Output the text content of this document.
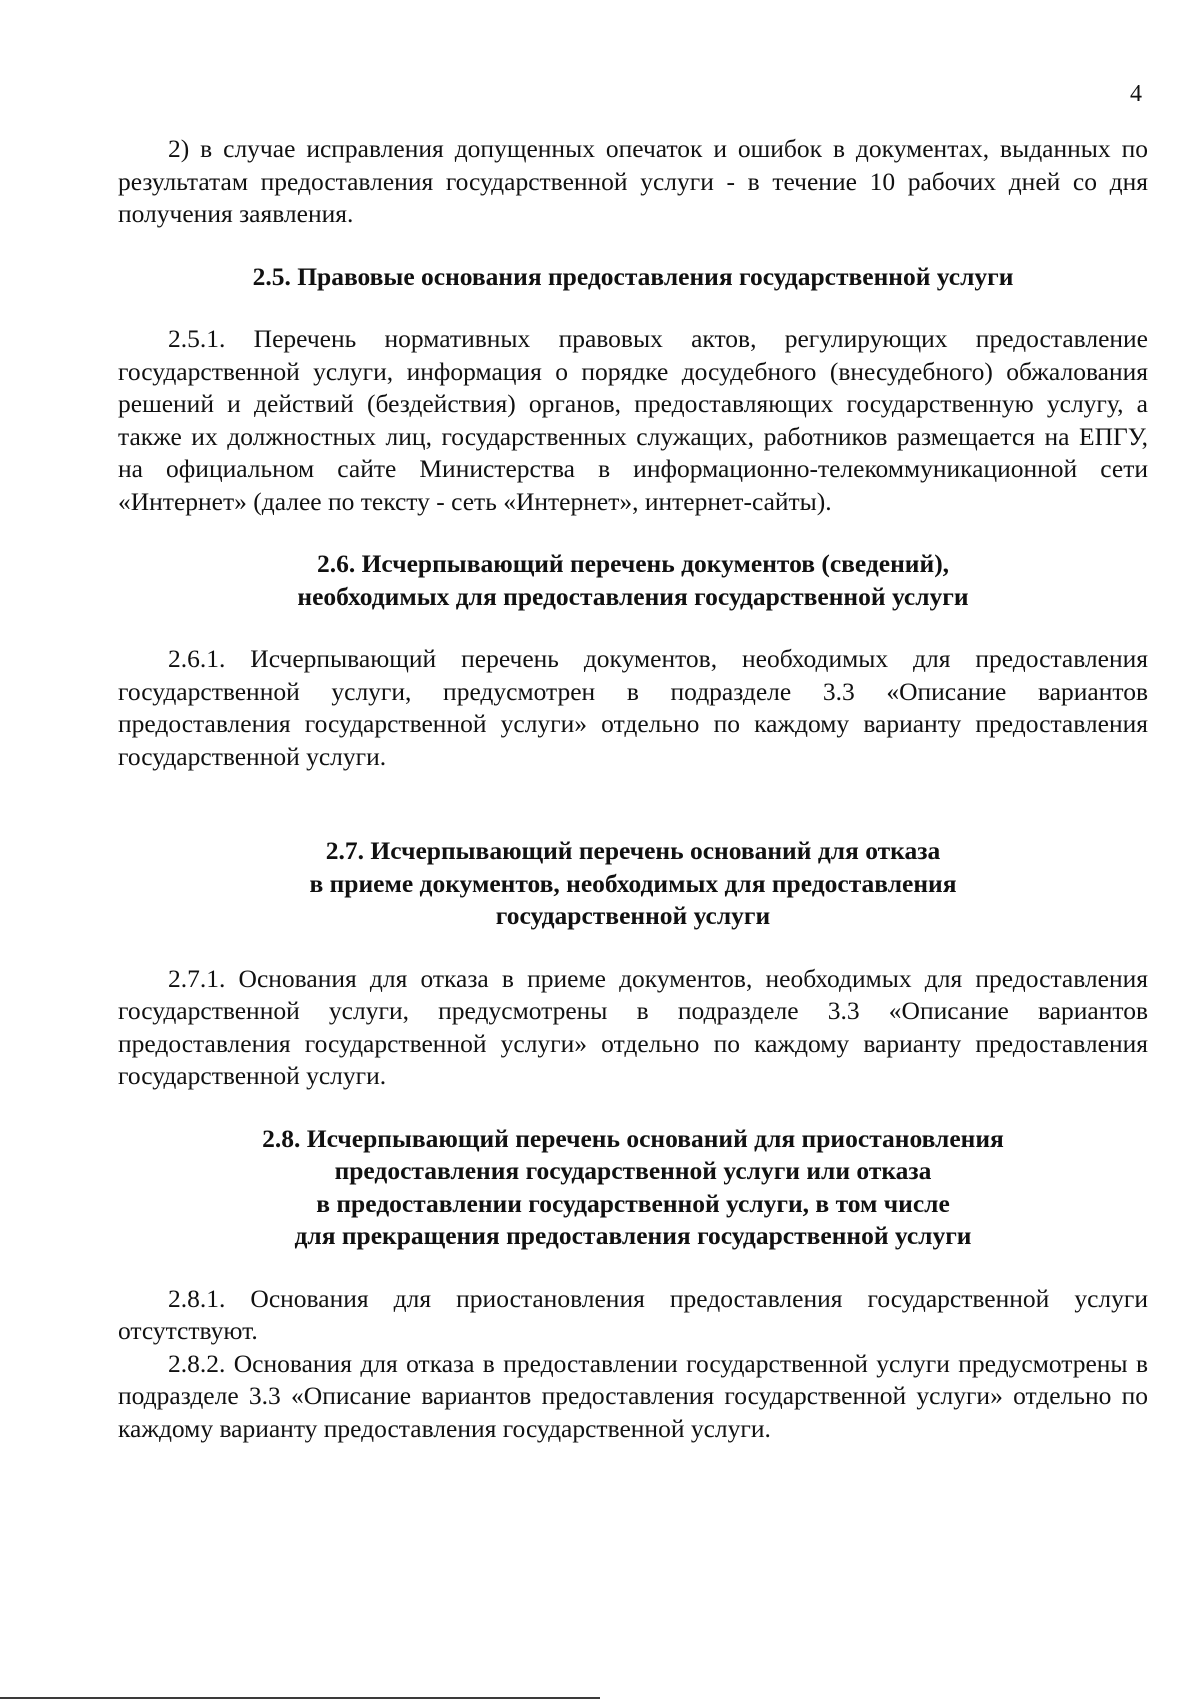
4

2) в случае исправления допущенных опечаток и ошибок в документах, выданных по результатам предоставления государственной услуги - в течение 10 рабочих дней со дня получения заявления.

2.5. Правовые основания предоставления государственной услуги

2.5.1. Перечень нормативных правовых актов, регулирующих предоставление государственной услуги, информация о порядке досудебного (внесудебного) обжалования решений и действий (бездействия) органов, предоставляющих государственную услугу, а также их должностных лиц, государственных служащих, работников размещается на ЕПГУ, на официальном сайте Министерства в информационно-телекоммуникационной сети «Интернет» (далее по тексту - сеть «Интернет», интернет-сайты).

2.6. Исчерпывающий перечень документов (сведений),
необходимых для предоставления государственной услуги

2.6.1. Исчерпывающий перечень документов, необходимых для предоставления государственной услуги, предусмотрен в подразделе 3.3 «Описание вариантов предоставления государственной услуги» отдельно по каждому варианту предоставления государственной услуги.

2.7. Исчерпывающий перечень оснований для отказа
в приеме документов, необходимых для предоставления
государственной услуги

2.7.1. Основания для отказа в приеме документов, необходимых для предоставления государственной услуги, предусмотрены в подразделе 3.3 «Описание вариантов предоставления государственной услуги» отдельно по каждому варианту предоставления государственной услуги.

2.8. Исчерпывающий перечень оснований для приостановления
предоставления государственной услуги или отказа
в предоставлении государственной услуги, в том числе
для прекращения предоставления государственной услуги

2.8.1. Основания для приостановления предоставления государственной услуги отсутствуют.

2.8.2. Основания для отказа в предоставлении государственной услуги предусмотрены в подразделе 3.3 «Описание вариантов предоставления государственной услуги» отдельно по каждому варианту предоставления государственной услуги.
